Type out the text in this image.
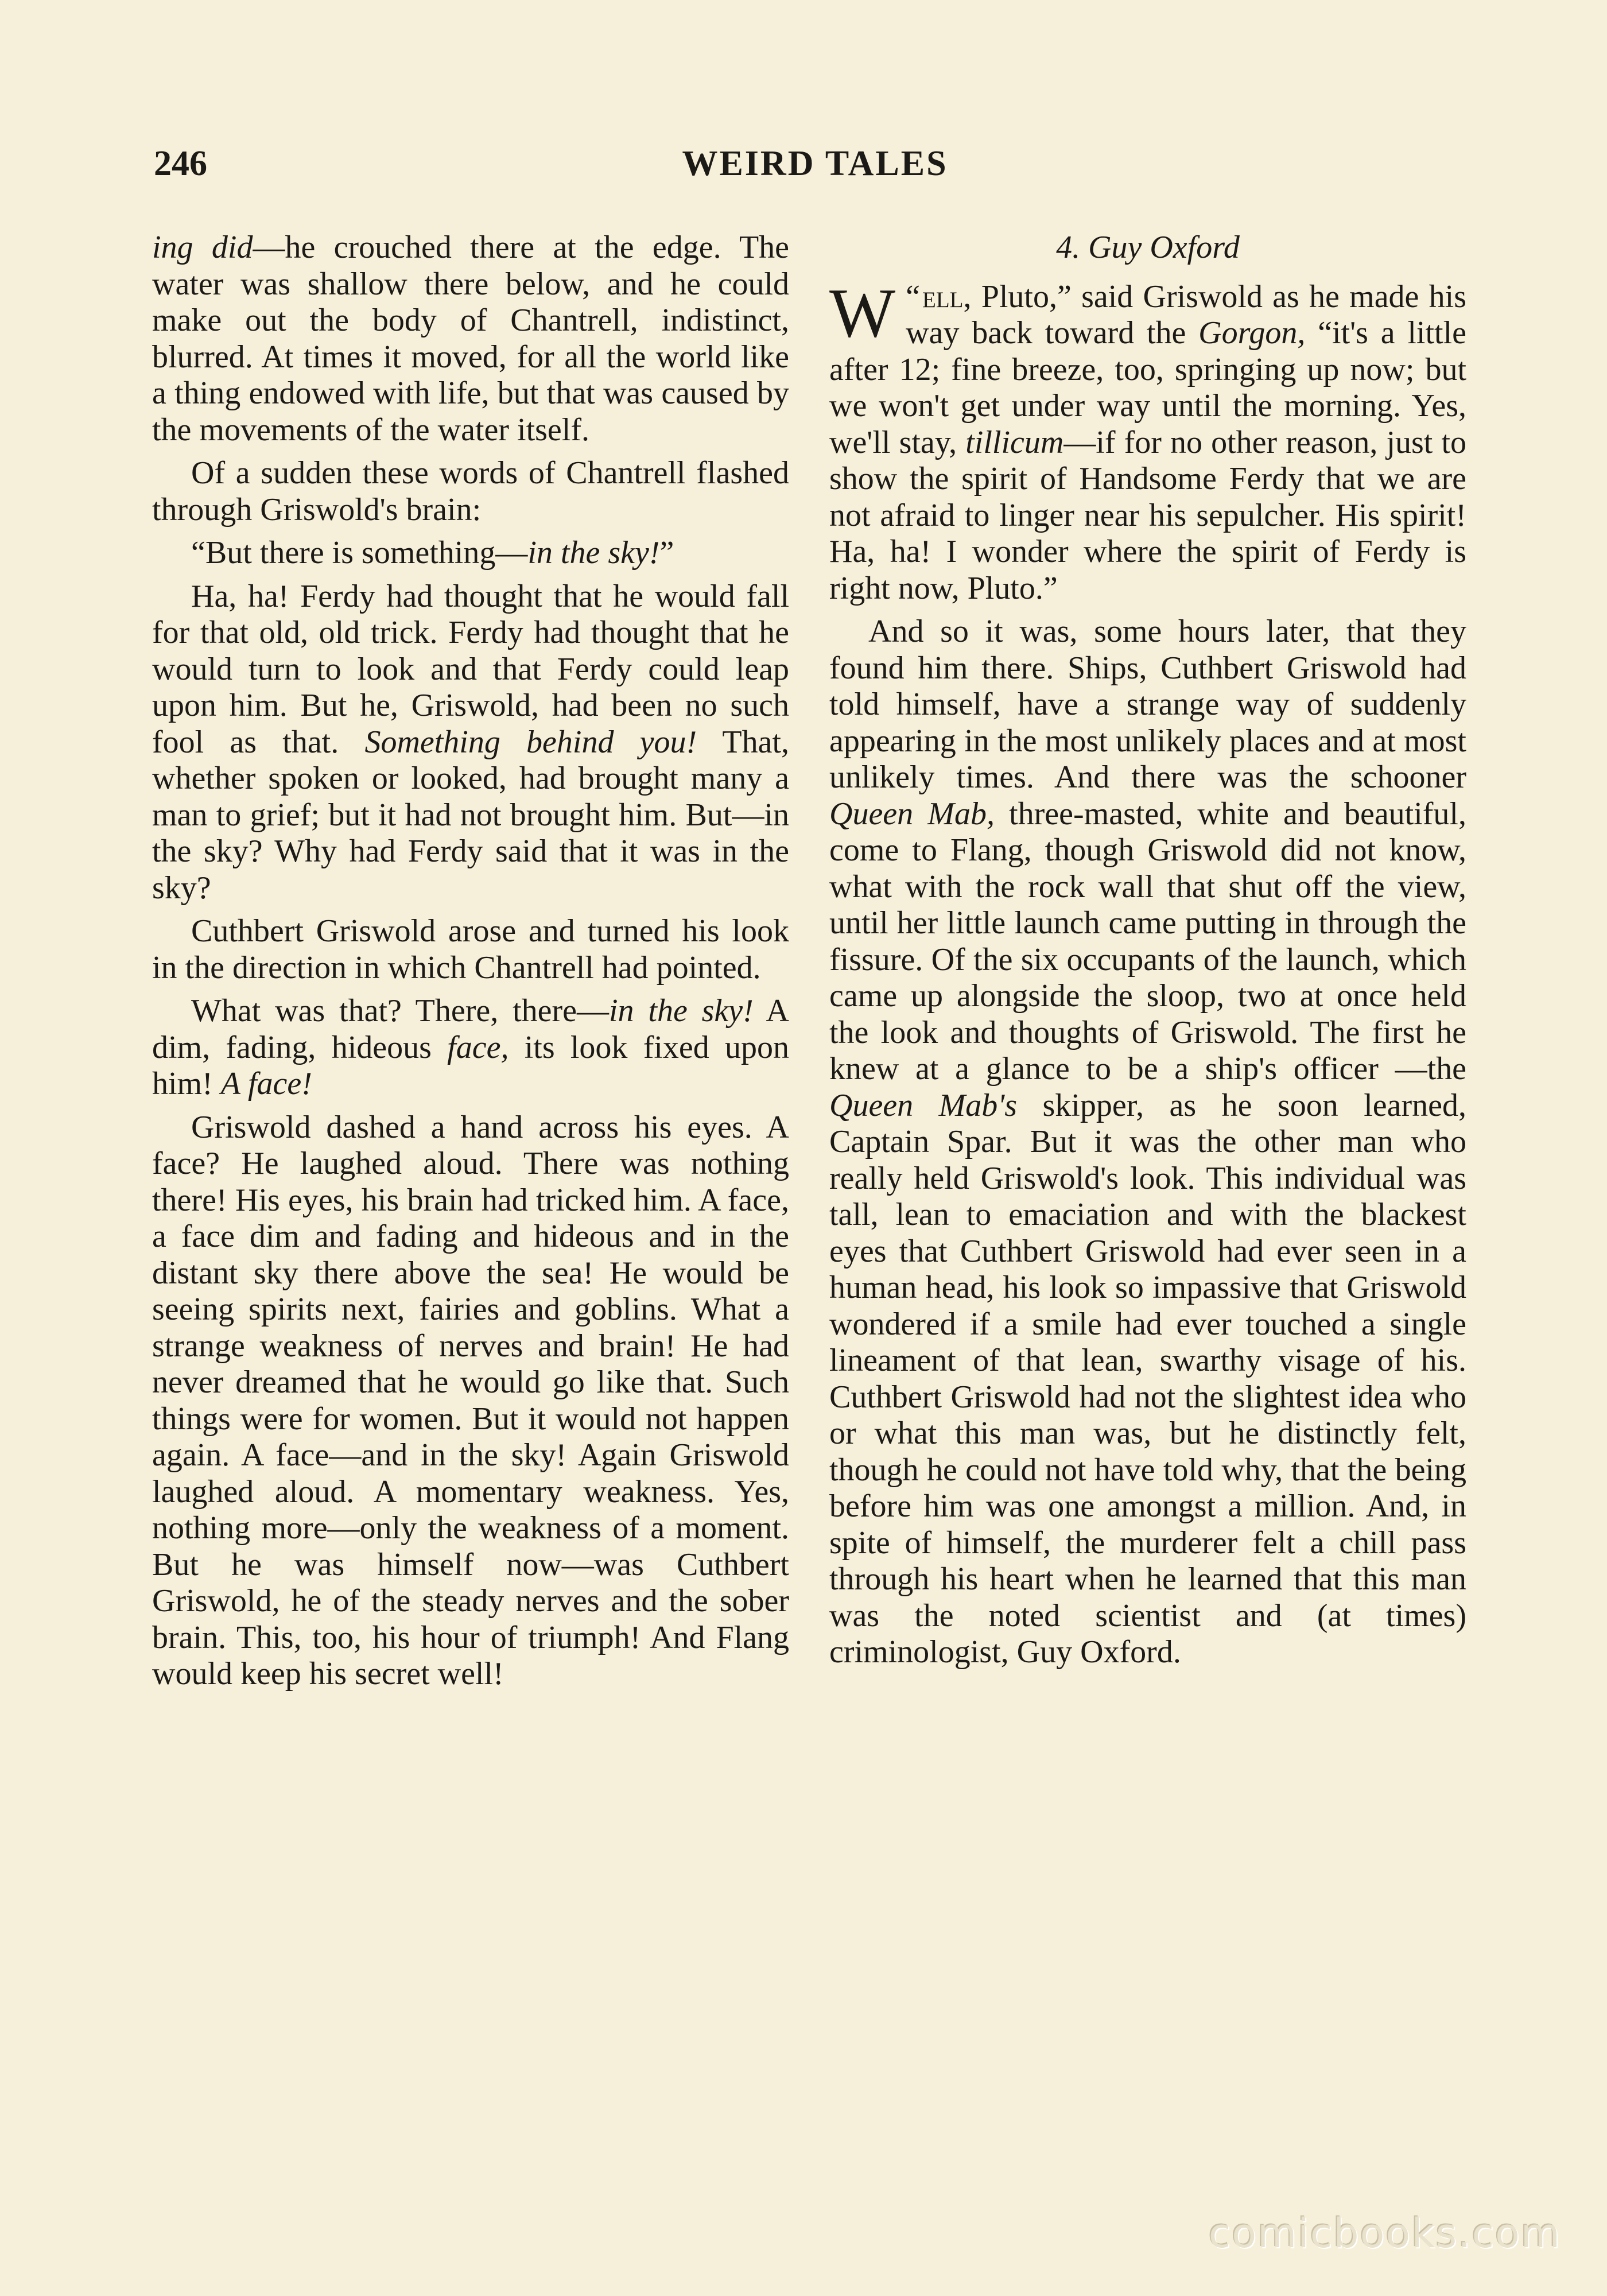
246	WEIRD TALES

ing did—he crouched there at the edge. The water was shallow there below, and he could make out the body of Chantrell, indistinct, blurred. At times it moved, for all the world like a thing endowed with life, but that was caused by the movements of the water itself.

Of a sudden these words of Chantrell flashed through Griswold's brain:

“But there is something—in the sky!”

Ha, ha! Ferdy had thought that he would fall for that old, old trick. Ferdy had thought that he would turn to look and that Ferdy could leap upon him. But he, Griswold, had been no such fool as that. Something behind you! That, whether spoken or looked, had brought many a man to grief; but it had not brought him. But—in the sky? Why had Ferdy said that it was in the sky?

Cuthbert Griswold arose and turned his look in the direction in which Chantrell had pointed.

What was that? There, there—in the sky! A dim, fading, hideous face, its look fixed upon him! A face!

Griswold dashed a hand across his eyes. A face? He laughed aloud. There was nothing there! His eyes, his brain had tricked him. A face, a face dim and fading and hideous and in the distant sky there above the sea! He would be seeing spirits next, fairies and goblins. What a strange weakness of nerves and brain! He had never dreamed that he would go like that. Such things were for women. But it would not happen again. A face—and in the sky! Again Griswold laughed aloud. A momentary weakness. Yes, nothing more—only the weakness of a moment. But he was himself now—was Cuthbert Griswold, he of the steady nerves and the sober brain. This, too, his hour of triumph! And Flang would keep his secret well!

4. Guy Oxford

“
W ell, Pluto,” said Griswold as he made his way back toward the Gorgon, “it's a little after 12; fine breeze, too, springing up now; but we won't get under way until the morning. Yes, we'll stay, tillicum—if for no other reason, just to show the spirit of Handsome Ferdy that we are not afraid to linger near his sepulcher. His spirit! Ha, ha! I wonder where the spirit of Ferdy is right now, Pluto.”

And so it was, some hours later, that they found him there. Ships, Cuthbert Griswold had told himself, have a strange way of suddenly appearing in the most unlikely places and at most unlikely times. And there was the schooner Queen Mab, three-masted, white and beautiful, come to Flang, though Griswold did not know, what with the rock wall that shut off the view, until her little launch came putting in through the fissure. Of the six occupants of the launch, which came up alongside the sloop, two at once held the look and thoughts of Griswold. The first he knew at a glance to be a ship's officer —the Queen Mab's skipper, as he soon learned, Captain Spar. But it was the other man who really held Griswold's look. This individual was tall, lean to emaciation and with the blackest eyes that Cuthbert Griswold had ever seen in a human head, his look so impassive that Griswold wondered if a smile had ever touched a single lineament of that lean, swarthy visage of his. Cuthbert Griswold had not the slightest idea who or what this man was, but he distinctly felt, though he could not have told why, that the being before him was one amongst a million. And, in spite of himself, the murderer felt a chill pass through his heart when he learned that this man was the noted scientist and (at times) criminologist, Guy Oxford.

comicbooks.com
